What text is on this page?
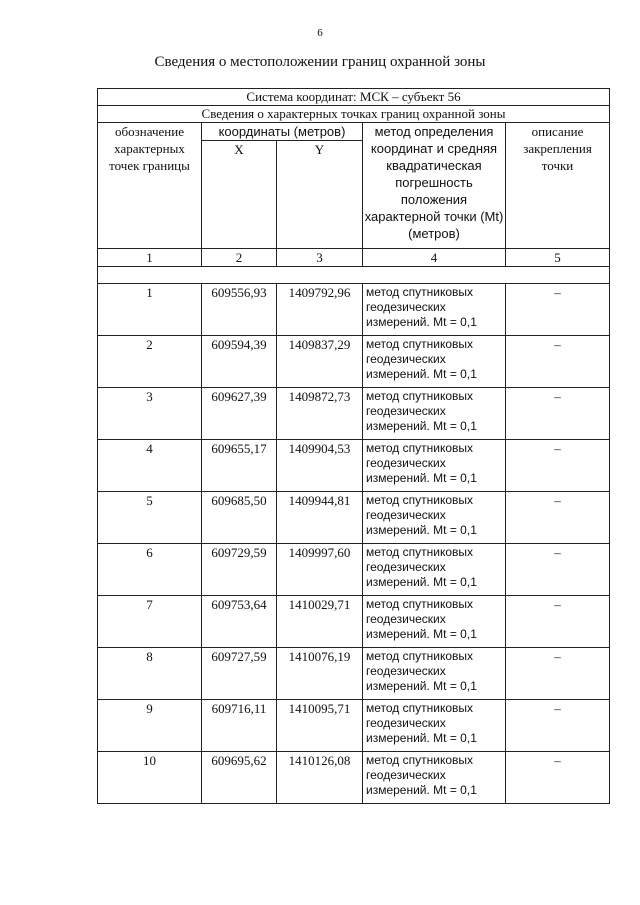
6
Сведения о местоположении границ охранной зоны
Система координат: МСК – субъект 56				
Сведения о характерных точках границ охранной зоны				
обозначение характерных точек границы	координаты (метров)		метод определения координат и средняя квадратическая погрешность положения характерной точки (Mt) (метров)	описание закрепления точки
	X	Y		
1	2	3	4	5

1	609556,93	1409792,96	метод спутниковых геодезических измерений. Mt = 0,1	–
2	609594,39	1409837,29	метод спутниковых геодезических измерений. Mt = 0,1	–
3	609627,39	1409872,73	метод спутниковых геодезических измерений. Mt = 0,1	–
4	609655,17	1409904,53	метод спутниковых геодезических измерений. Mt = 0,1	–
5	609685,50	1409944,81	метод спутниковых геодезических измерений. Mt = 0,1	–
6	609729,59	1409997,60	метод спутниковых геодезических измерений. Mt = 0,1	–
7	609753,64	1410029,71	метод спутниковых геодезических измерений. Mt = 0,1	–
8	609727,59	1410076,19	метод спутниковых геодезических измерений. Mt = 0,1	–
9	609716,11	1410095,71	метод спутниковых геодезических измерений. Mt = 0,1	–
10	609695,62	1410126,08	метод спутниковых геодезических измерений. Mt = 0,1	–
